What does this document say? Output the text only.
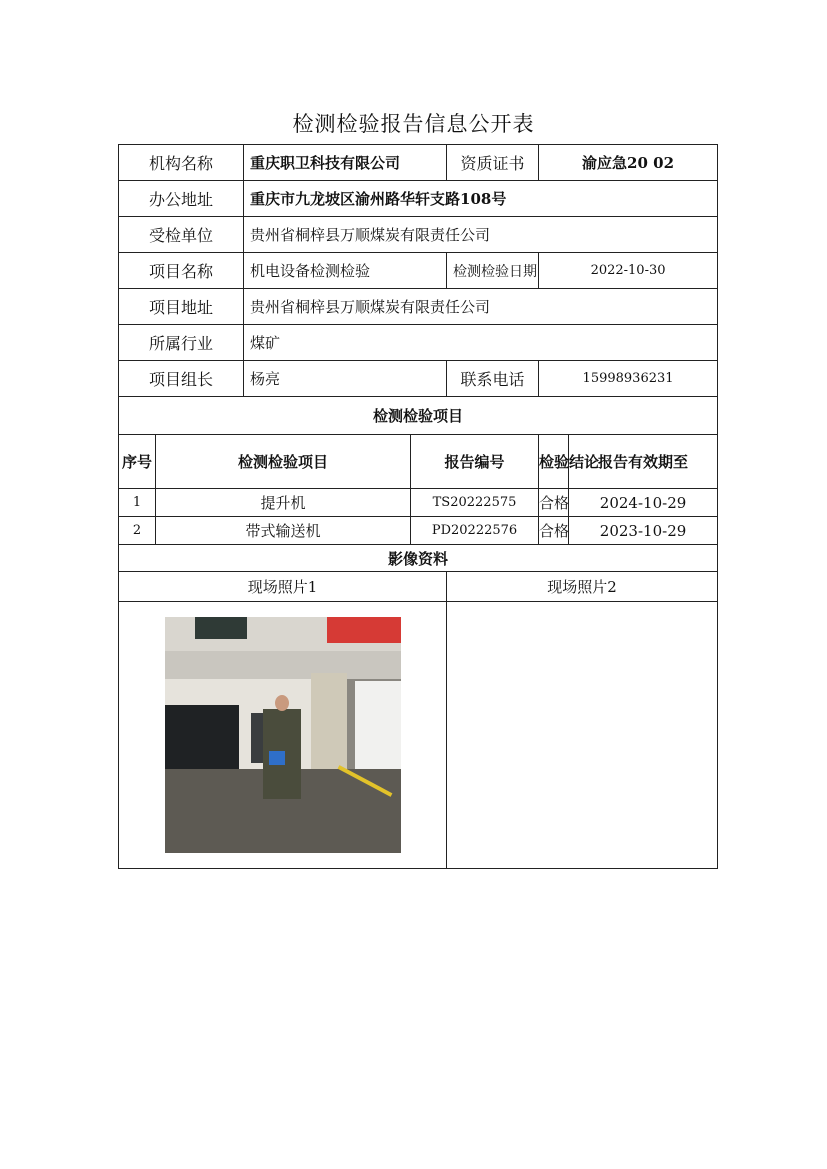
检测检验报告信息公开表
机构名称		重庆职卫科技有限公司		资质证书	渝应急20 02	
办公地址		重庆市九龙坡区渝州路华轩支路108号				
受检单位		贵州省桐梓县万顺煤炭有限责任公司				
项目名称		机电设备检测检验		检测检验日期	2022-10-30	
项目地址		贵州省桐梓县万顺煤炭有限责任公司				
所属行业		煤矿				
项目组长		杨亮		联系电话	15998936231	
检测检验项目						
序号	检测检验项目		报告编号		检验结论	报告有效期至
1	提升机		TS20222575		合格	2024-10-29
2	带式输送机		PD20222576		合格	2023-10-29
影像资料						
现场照片1				现场照片2		
